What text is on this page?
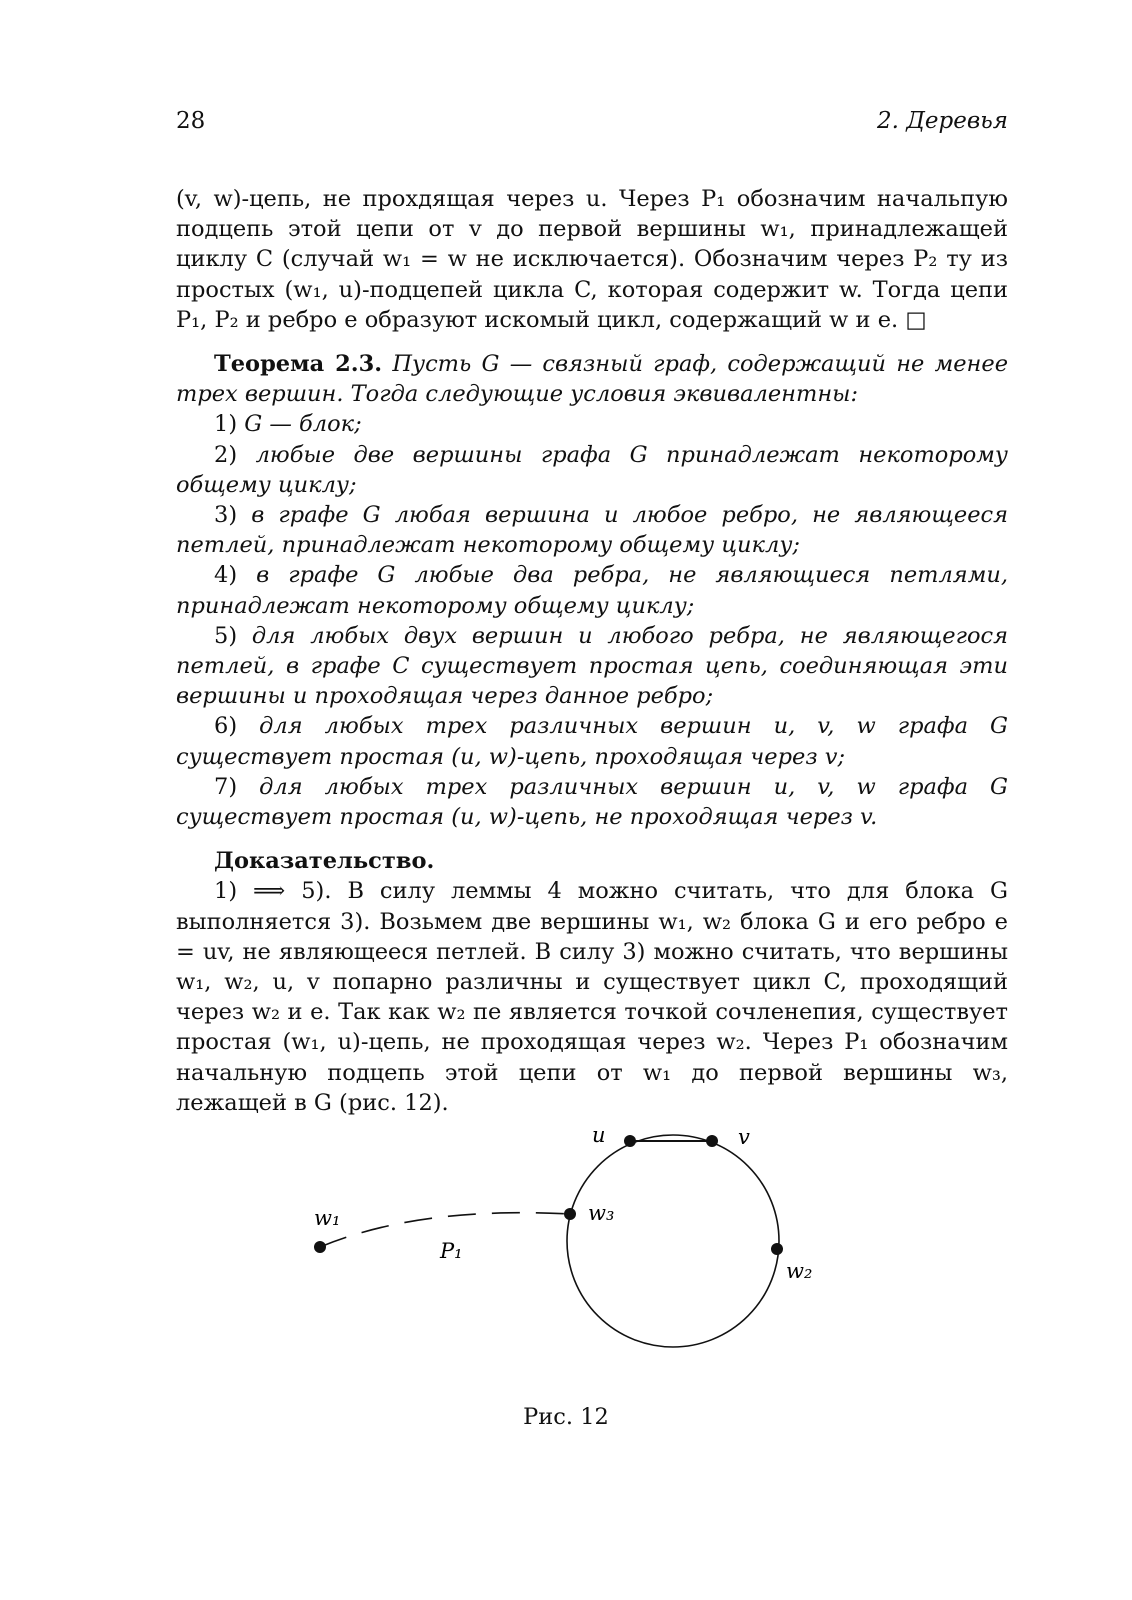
28	2. Деревья

(v, w)-цепь, не прохдящая через u. Через P₁ обозначим начальпую подцепь этой цепи от v до первой вершины w₁, принадлежащей циклу C (случай w₁ = w не исключается). Обозначим через P₂ ту из простых (w₁, u)-подцепей цикла C, которая содержит w. Тогда цепи P₁, P₂ и ребро e образуют искомый цикл, содержащий w и e. □

Теорема 2.3. Пусть G — связный граф, содержащий не менее трех вершин. Тогда следующие условия эквивалентны:

1) G — блок;

2) любые две вершины графа G принадлежат некоторому общему циклу;

3) в графе G любая вершина и любое ребро, не являющееся петлей, принадлежат некоторому общему циклу;

4) в графе G любые два ребра, не являющиеся петлями, принадлежат некоторому общему циклу;

5) для любых двух вершин и любого ребра, не являющегося петлей, в графе C существует простая цепь, соединяющая эти вершины и проходящая через данное ребро;

6) для любых трех различных вершин u, v, w графа G существует простая (u, w)-цепь, проходящая через v;

7) для любых трех различных вершин u, v, w графа G существует простая (u, w)-цепь, не проходящая через v.

Доказательство.

1) ⟹ 5). В силу леммы 4 можно считать, что для блока G выполняется 3). Возьмем две вершины w₁, w₂ блока G и его ребро e = uv, не являющееся петлей. В силу 3) можно считать, что вершины w₁, w₂, u, v попарно различны и существует цикл C, проходящий через w₂ и e. Так как w₂ пе является точкой сочленепия, существует простая (w₁, u)-цепь, не проходящая через w₂. Через P₁ обозначим начальную подцепь этой цепи от w₁ до первой вершины w₃, лежащей в G (рис. 12).

u	v
w₁	w₃
w₂
P₁
Рис. 12
